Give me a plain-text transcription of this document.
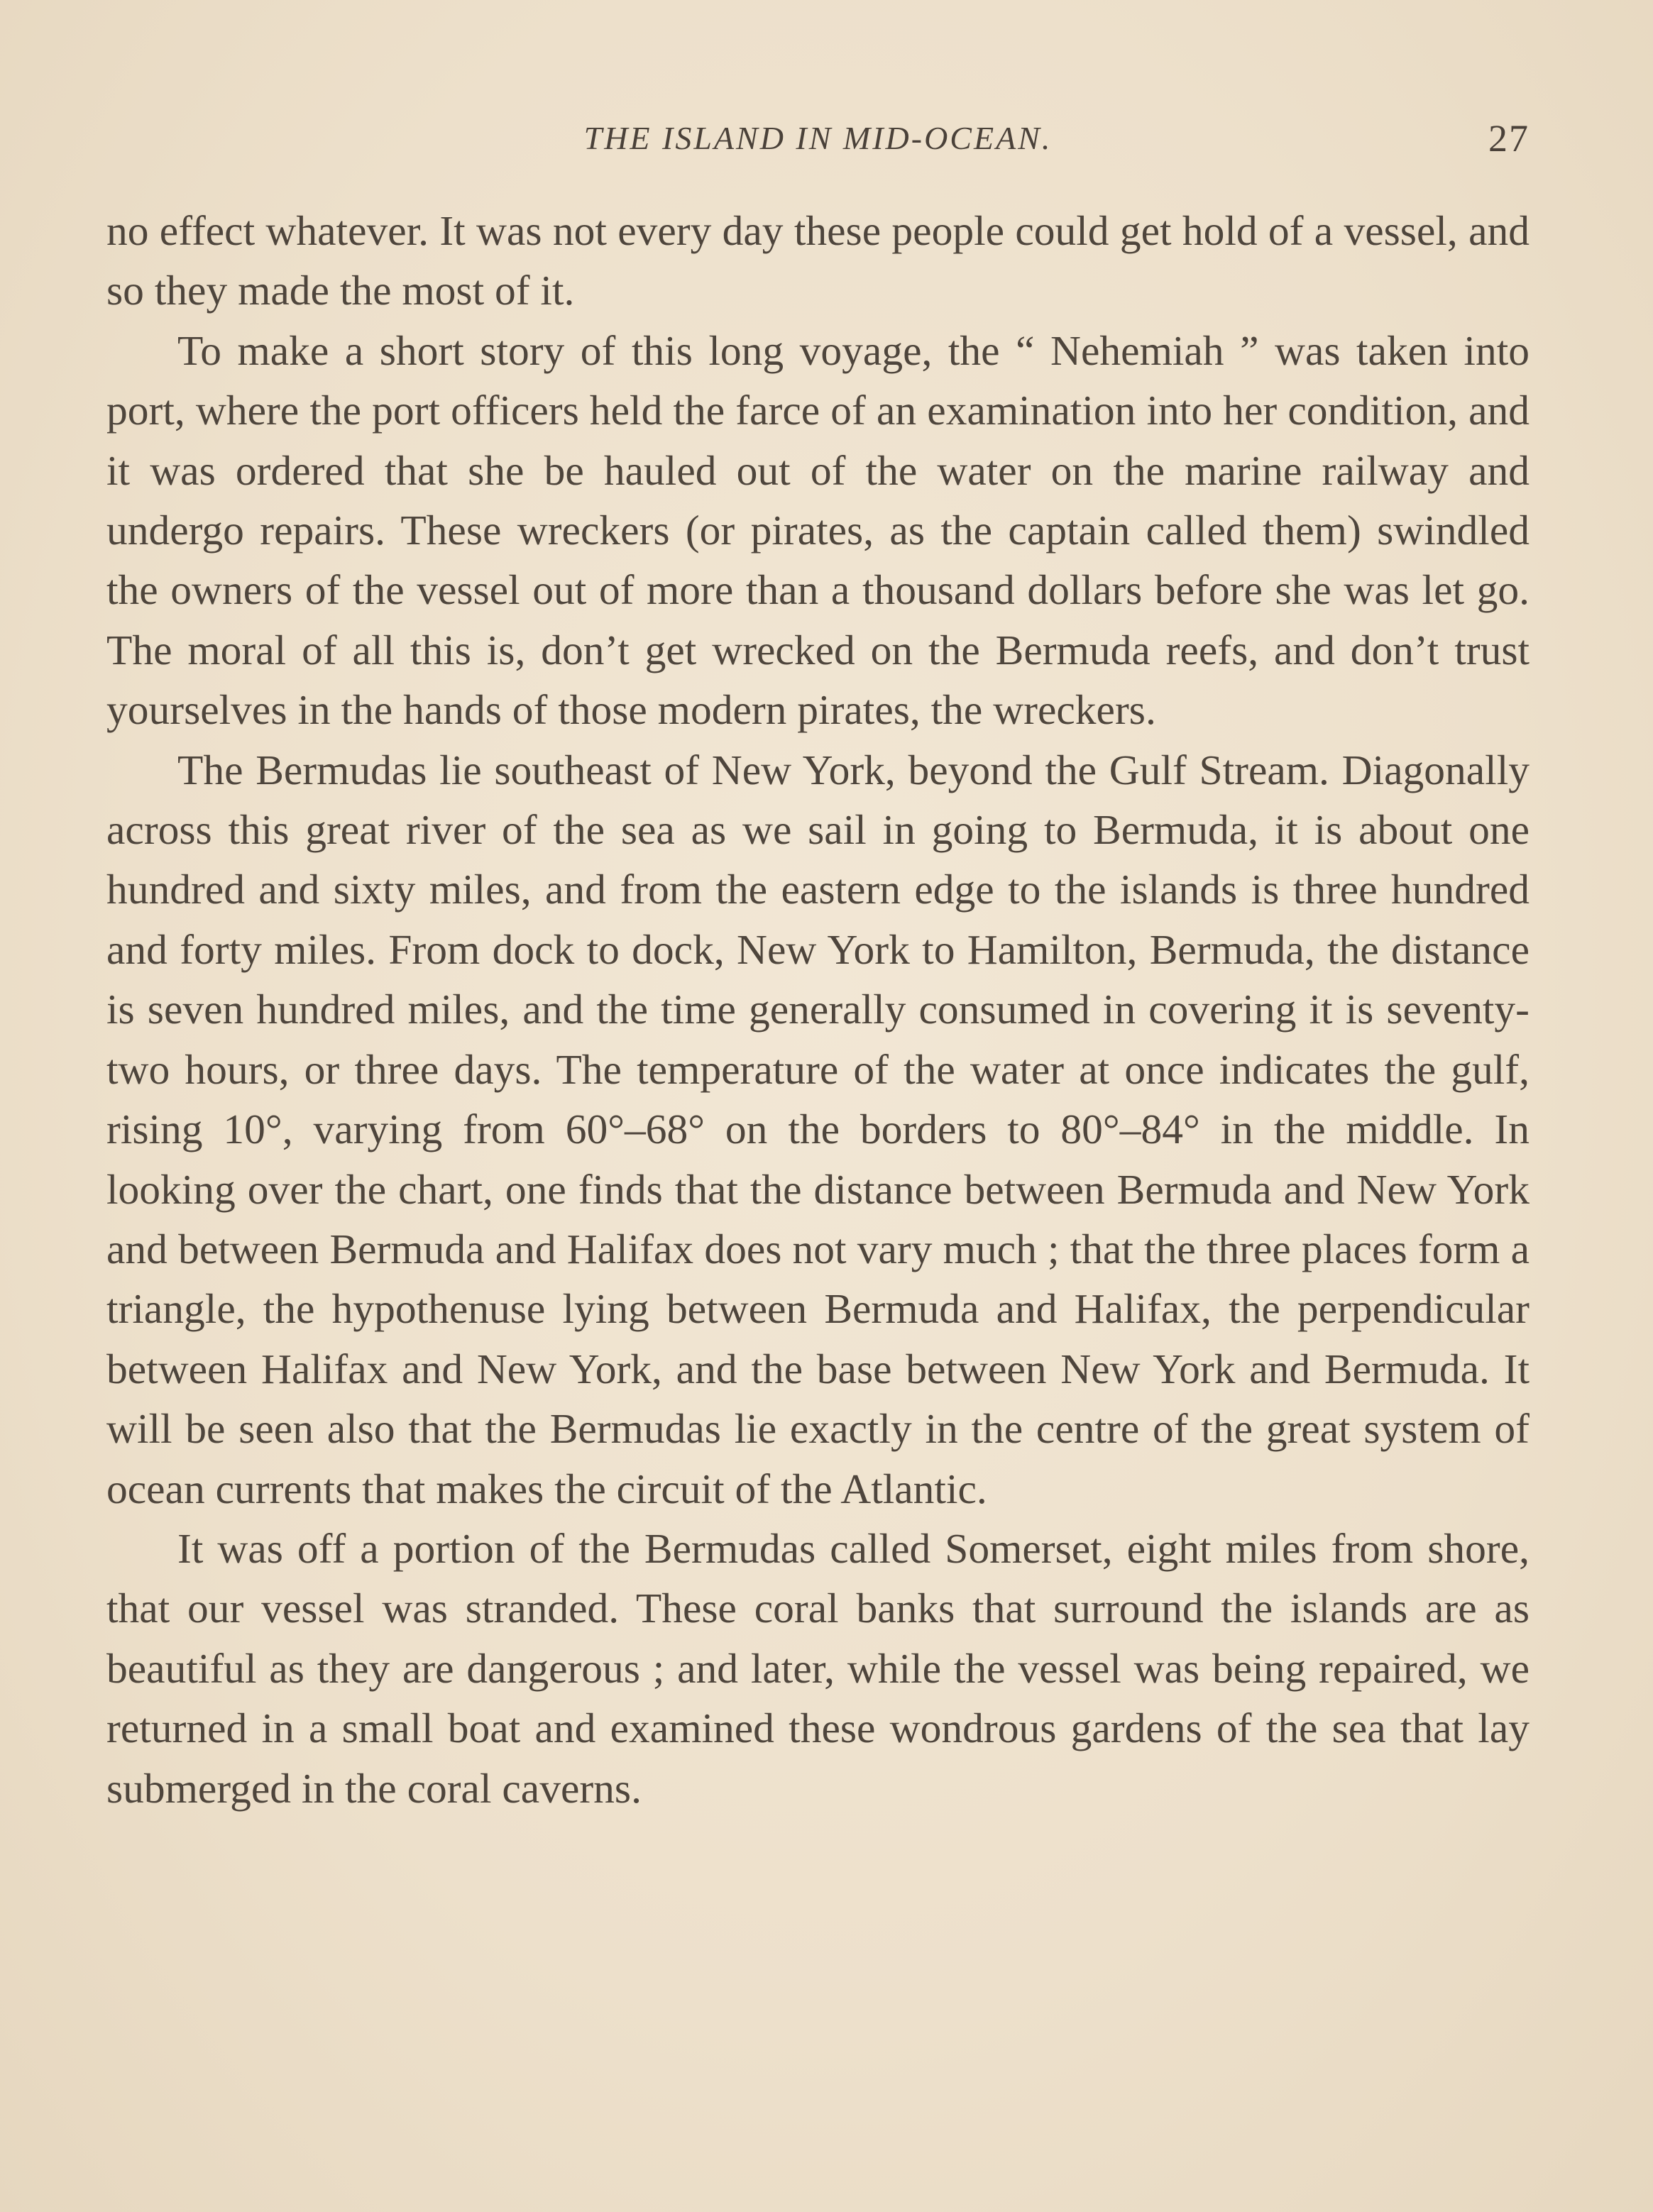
THE ISLAND IN MID-OCEAN.	27

no effect whatever. It was not every day these people could get hold of a vessel, and so they made the most of it.

To make a short story of this long voyage, the “ Nehemiah ” was taken into port, where the port officers held the farce of an examination into her condition, and it was ordered that she be hauled out of the water on the marine railway and undergo repairs. These wreckers (or pirates, as the captain called them) swindled the owners of the vessel out of more than a thousand dollars before she was let go. The moral of all this is, don’t get wrecked on the Bermuda reefs, and don’t trust yourselves in the hands of those modern pirates, the wreckers.

The Bermudas lie southeast of New York, beyond the Gulf Stream. Diagonally across this great river of the sea as we sail in going to Bermuda, it is about one hundred and sixty miles, and from the eastern edge to the islands is three hundred and forty miles. From dock to dock, New York to Hamilton, Bermuda, the distance is seven hundred miles, and the time generally consumed in covering it is seventy-two hours, or three days. The temperature of the water at once indicates the gulf, rising 10°, varying from 60°–68° on the borders to 80°–84° in the middle. In looking over the chart, one finds that the distance between Bermuda and New York and between Bermuda and Halifax does not vary much ; that the three places form a triangle, the hypothenuse lying between Bermuda and Halifax, the perpendicular between Halifax and New York, and the base between New York and Bermuda. It will be seen also that the Bermudas lie exactly in the centre of the great system of ocean currents that makes the circuit of the Atlantic.

It was off a portion of the Bermudas called Somerset, eight miles from shore, that our vessel was stranded. These coral banks that surround the islands are as beautiful as they are dangerous ; and later, while the vessel was being repaired, we returned in a small boat and examined these wondrous gardens of the sea that lay submerged in the coral caverns.
